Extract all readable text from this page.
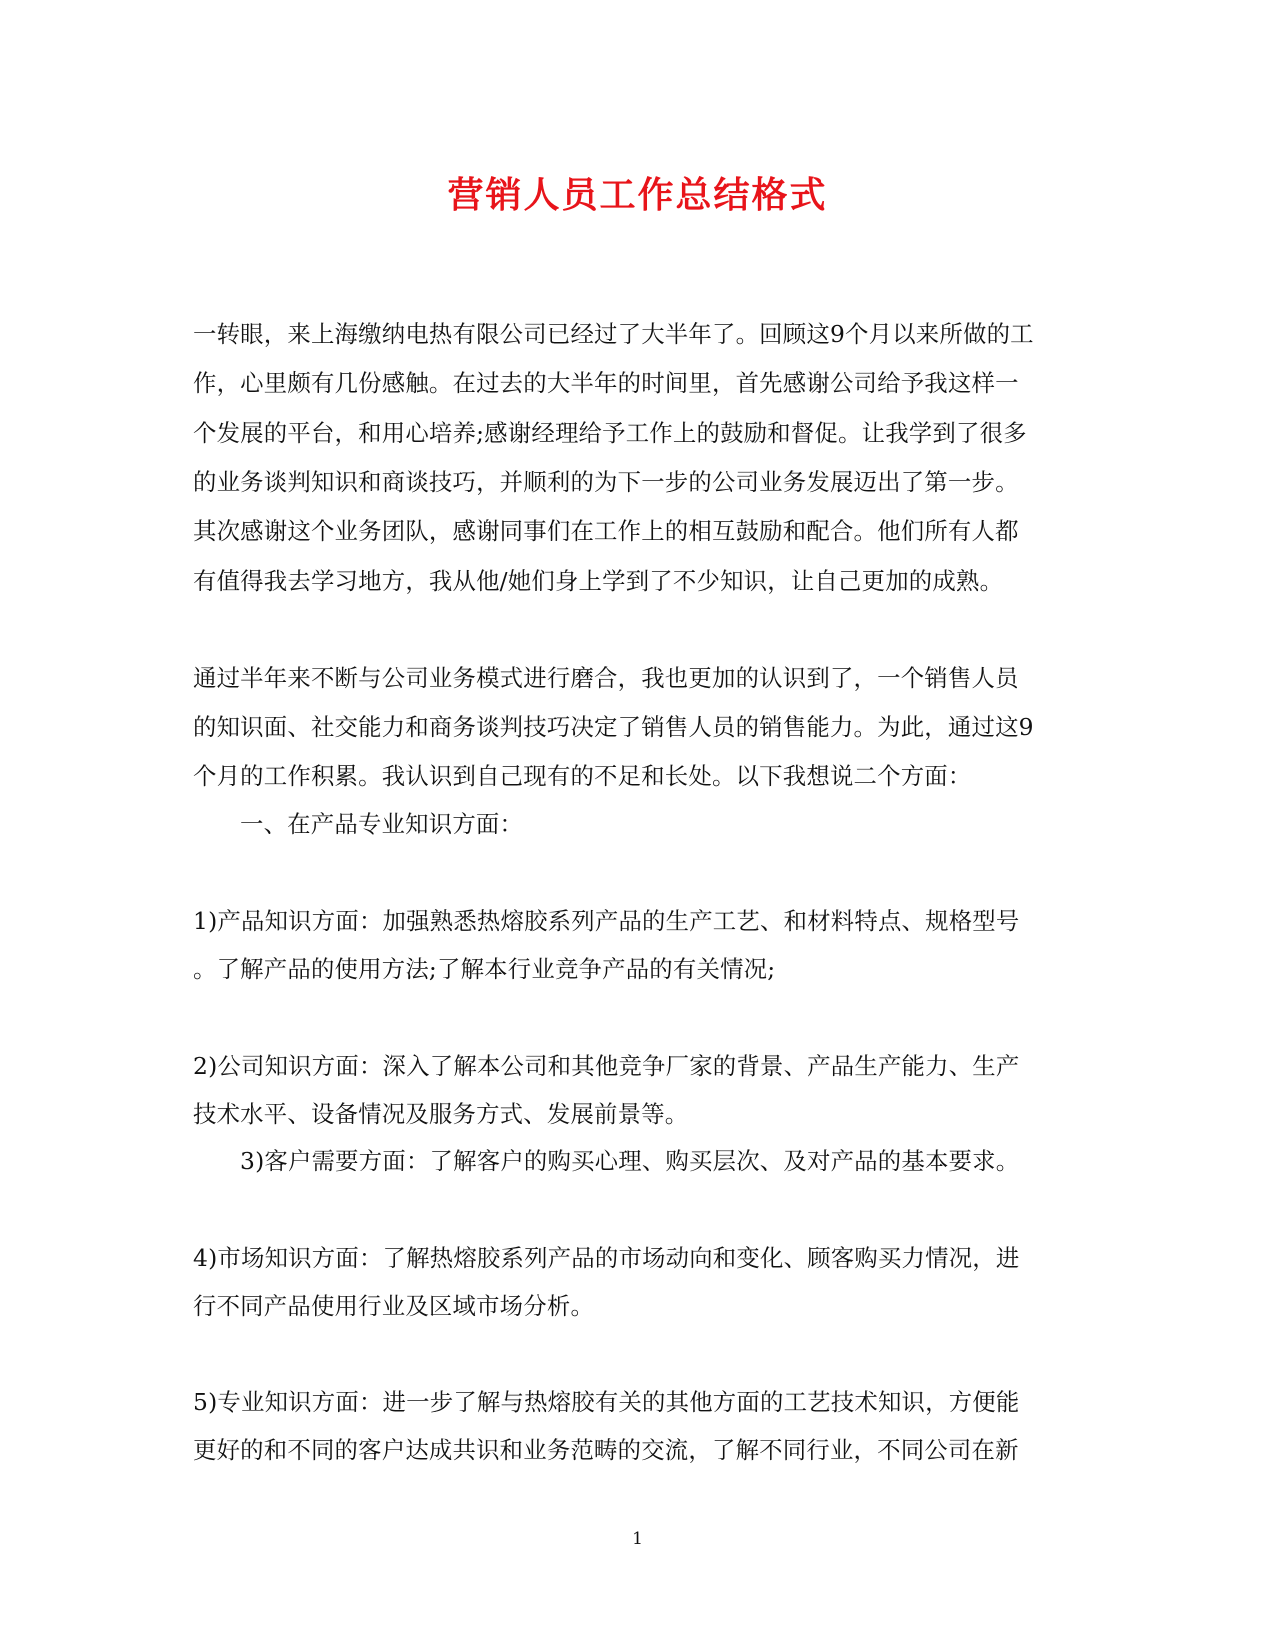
营销人员工作总结格式
一转眼，来上海缴纳电热有限公司已经过了大半年了。回顾这9个月以来所做的工
作，心里颇有几份感触。在过去的大半年的时间里，首先感谢公司给予我这样一
个发展的平台，和用心培养;感谢经理给予工作上的鼓励和督促。让我学到了很多
的业务谈判知识和商谈技巧，并顺利的为下一步的公司业务发展迈出了第一步。
其次感谢这个业务团队，感谢同事们在工作上的相互鼓励和配合。他们所有人都
有值得我去学习地方，我从他/她们身上学到了不少知识，让自己更加的成熟。
通过半年来不断与公司业务模式进行磨合，我也更加的认识到了，一个销售人员
的知识面、社交能力和商务谈判技巧决定了销售人员的销售能力。为此，通过这9
个月的工作积累。我认识到自己现有的不足和长处。以下我想说二个方面：
一、在产品专业知识方面：
1)产品知识方面：加强熟悉热熔胶系列产品的生产工艺、和材料特点、规格型号
。了解产品的使用方法;了解本行业竞争产品的有关情况;
2)公司知识方面：深入了解本公司和其他竞争厂家的背景、产品生产能力、生产
技术水平、设备情况及服务方式、发展前景等。
3)客户需要方面：了解客户的购买心理、购买层次、及对产品的基本要求。
4)市场知识方面：了解热熔胶系列产品的市场动向和变化、顾客购买力情况，进
行不同产品使用行业及区域市场分析。
5)专业知识方面：进一步了解与热熔胶有关的其他方面的工艺技术知识，方便能
更好的和不同的客户达成共识和业务范畴的交流，了解不同行业，不同公司在新
1
